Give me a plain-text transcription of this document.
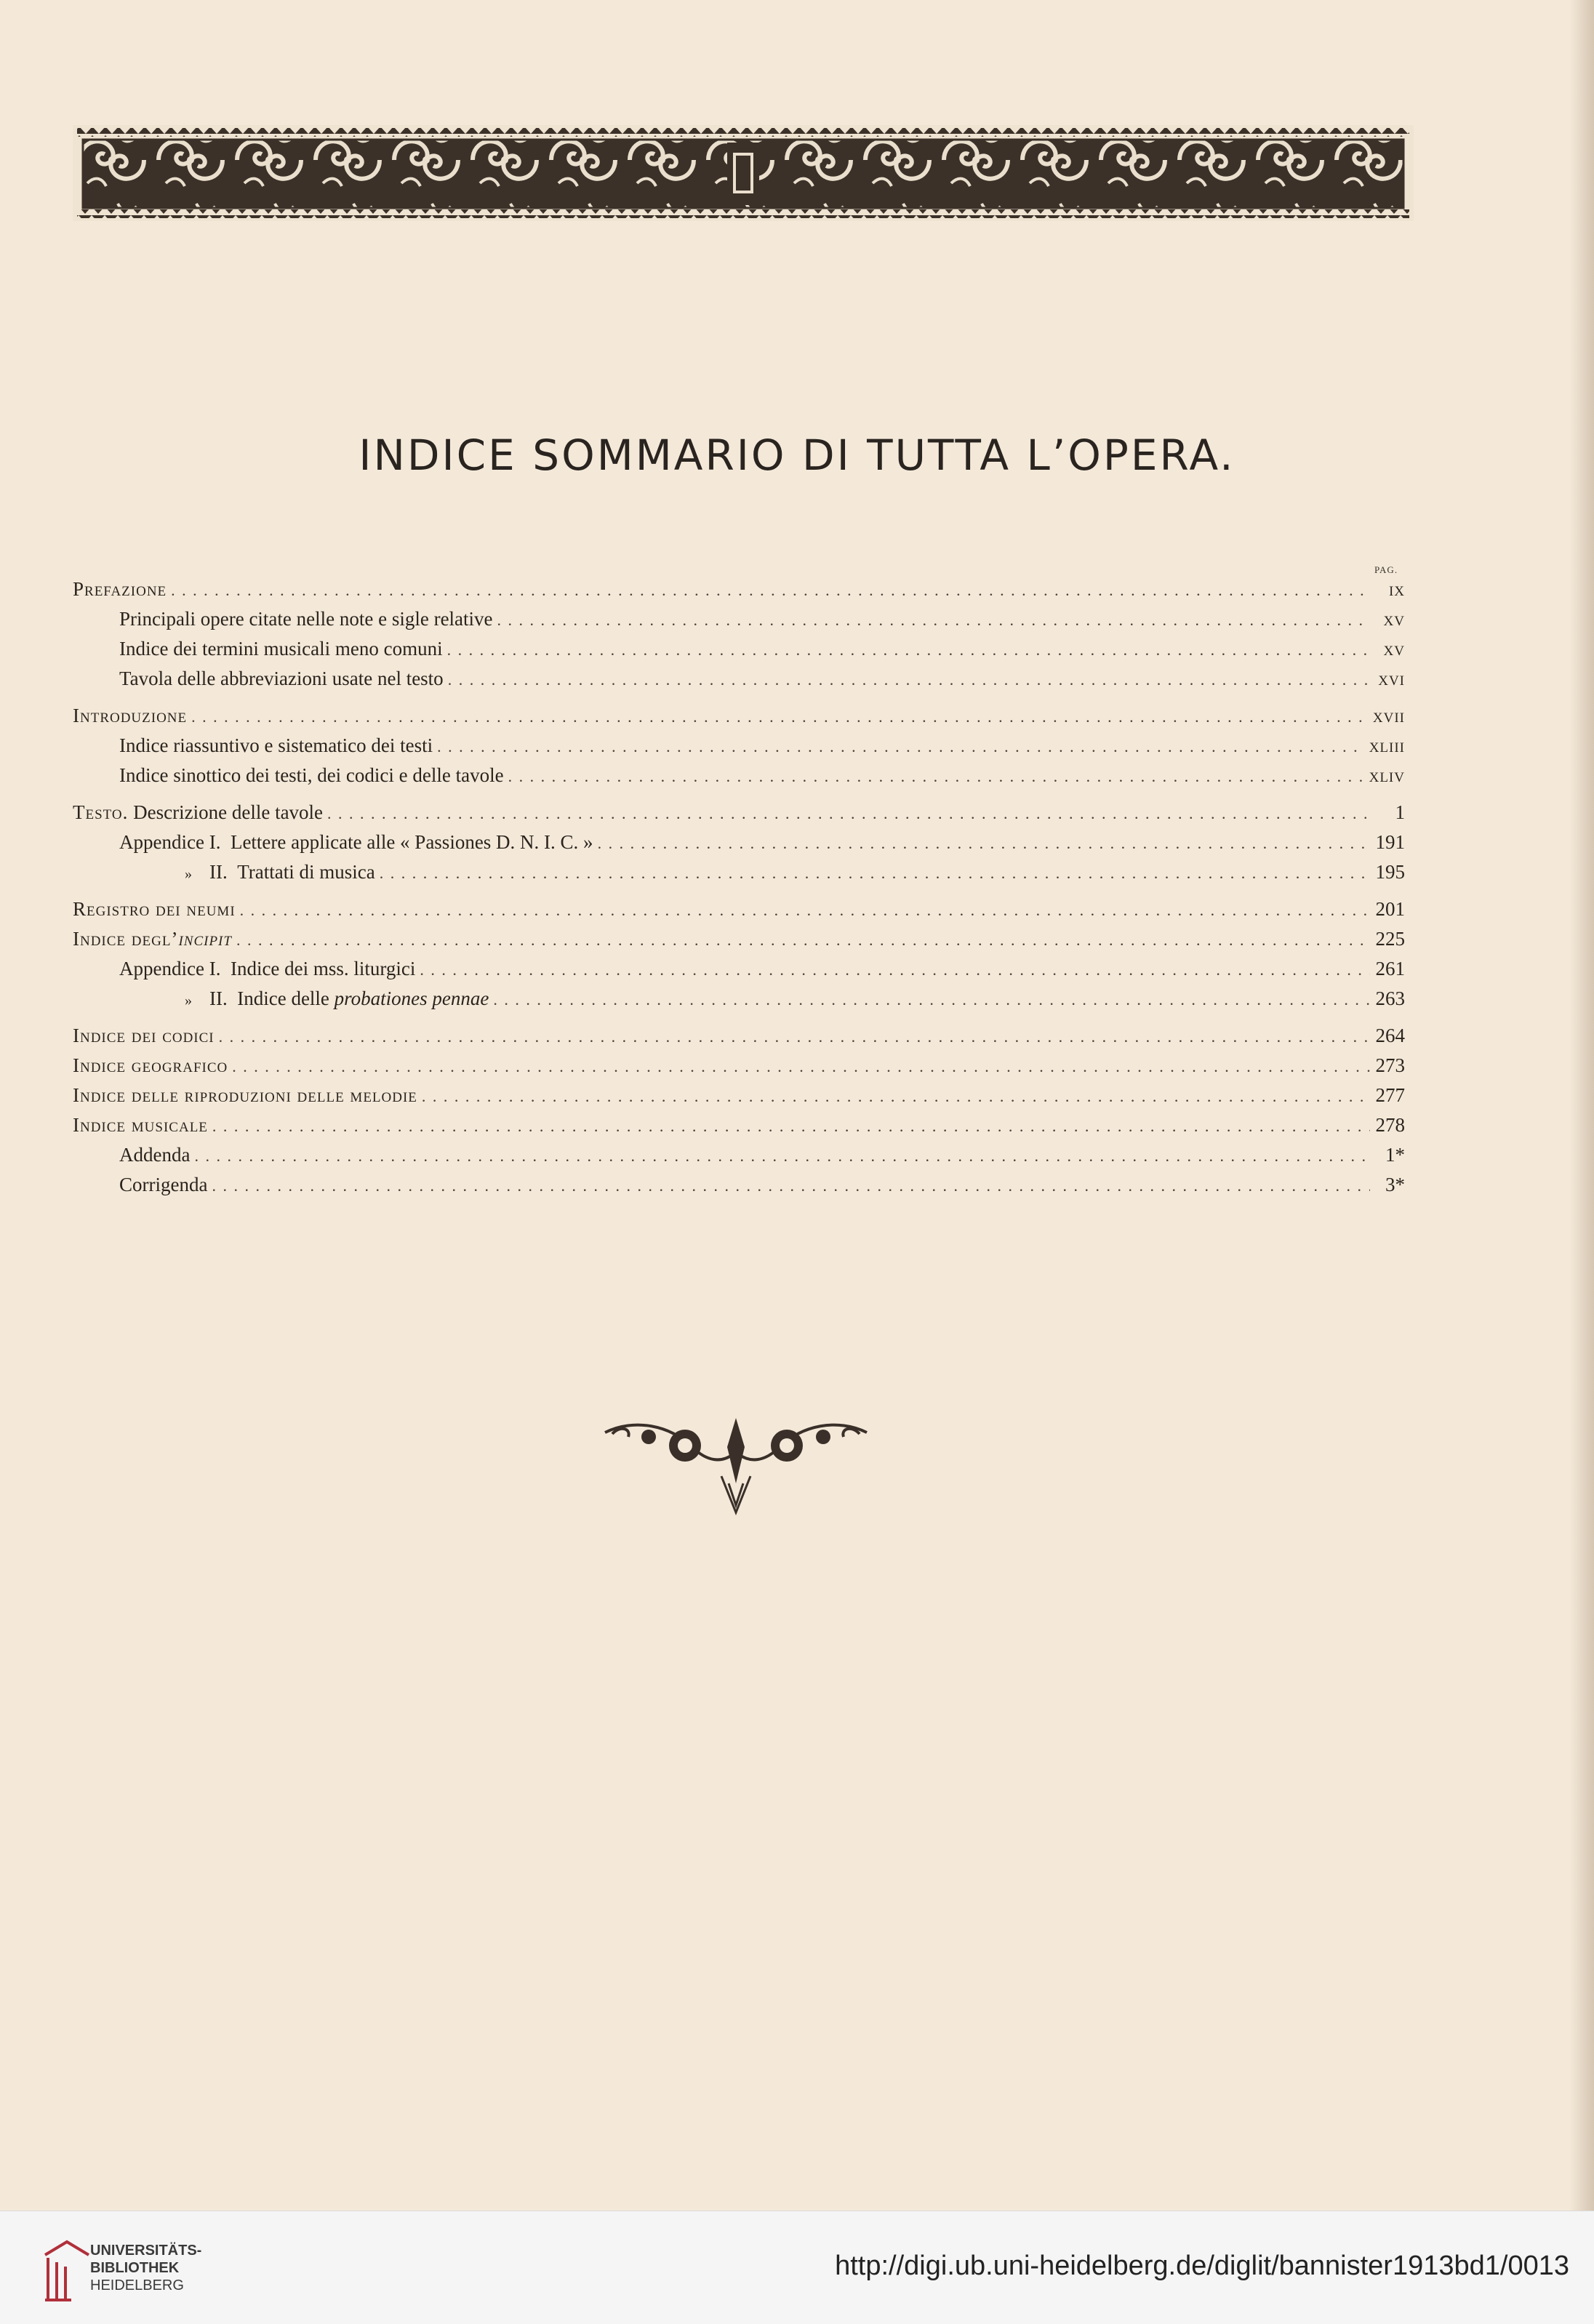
INDICE SOMMARIO DI TUTTA L’OPERA.
PAG.
Prefazione . . .	ix
Principali opere citate nelle note e sigle relative . . .	xv
Indice dei termini musicali meno comuni . . .	xv
Tavola delle abbreviazioni usate nel testo . . .	xvi
Introduzione . . .	xvii
Indice riassuntivo e sistematico dei testi . . .	xliii
Indice sinottico dei testi, dei codici e delle tavole . . .	xliv
Testo. Descrizione delle tavole . . .	1
Appendice I. Lettere applicate alle « Passiones D. N. I. C. » . . .	191
» II. Trattati di musica . . .	195
Registro dei neumi . . .	201
Indice degl’incipit . . .	225
Appendice I. Indice dei mss. liturgici . . .	261
» II. Indice delle probationes pennae . . .	263
Indice dei codici . . .	264
Indice geografico . . .	273
Indice delle riproduzioni delle melodie . . .	277
Indice musicale . . .	278
Addenda . . .	1*
Corrigenda . . .	3*
UNIVERSITÄTS-
BIBLIOTHEK
HEIDELBERG
http://digi.ub.uni-heidelberg.de/diglit/bannister1913bd1/0013
